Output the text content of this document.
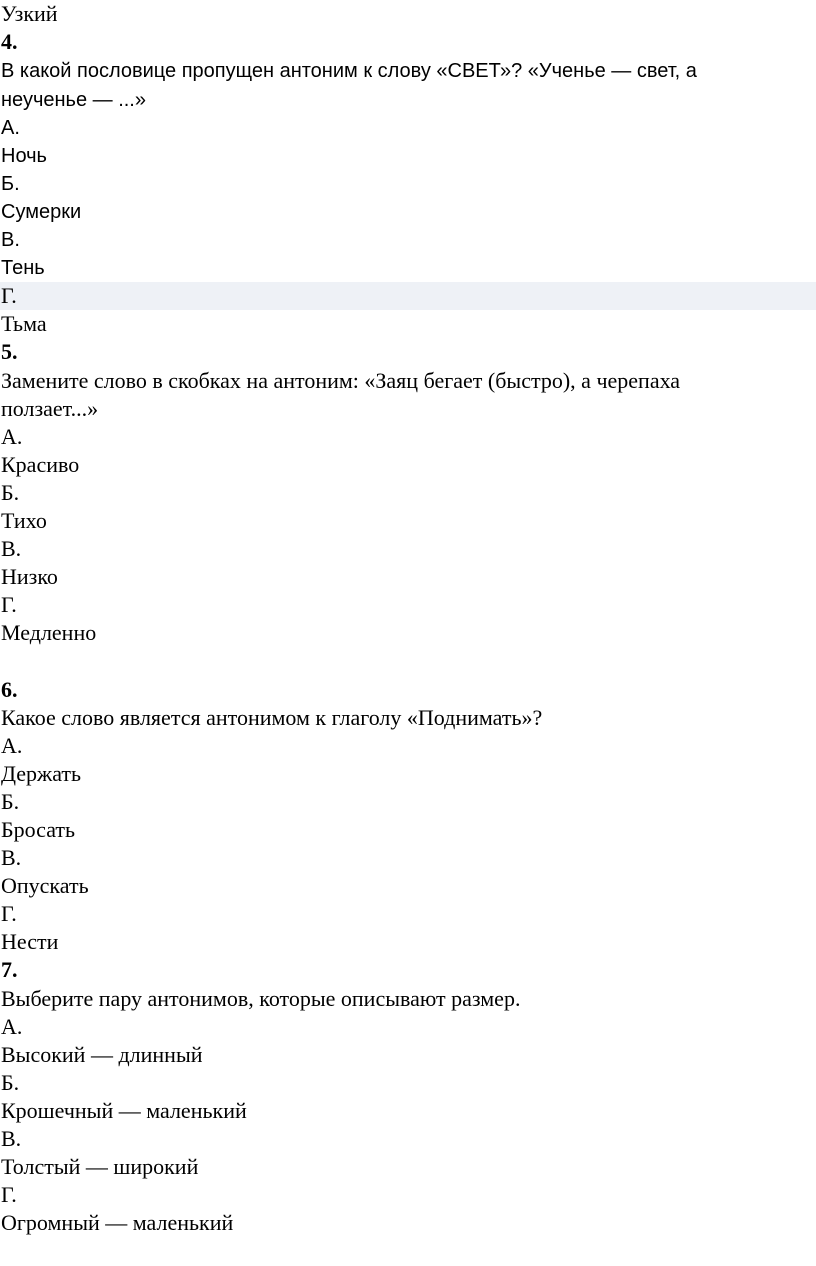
Узкий
4.
В какой пословице пропущен антоним к слову «СВЕТ»? «Ученье — свет, а
неученье — ...»
А.
Ночь
Б.
Сумерки
В.
Тень
Г.
Тьма
5.
Замените слово в скобках на антоним: «Заяц бегает (быстро), а черепаха
ползает...»
А.
Красиво
Б.
Тихо
В.
Низко
Г.
Медленно
6.
Какое слово является антонимом к глаголу «Поднимать»?
А.
Держать
Б.
Бросать
В.
Опускать
Г.
Нести
7.
Выберите пару антонимов, которые описывают размер.
А.
Высокий — длинный
Б.
Крошечный — маленький
В.
Толстый — широкий
Г.
Огромный — маленький
